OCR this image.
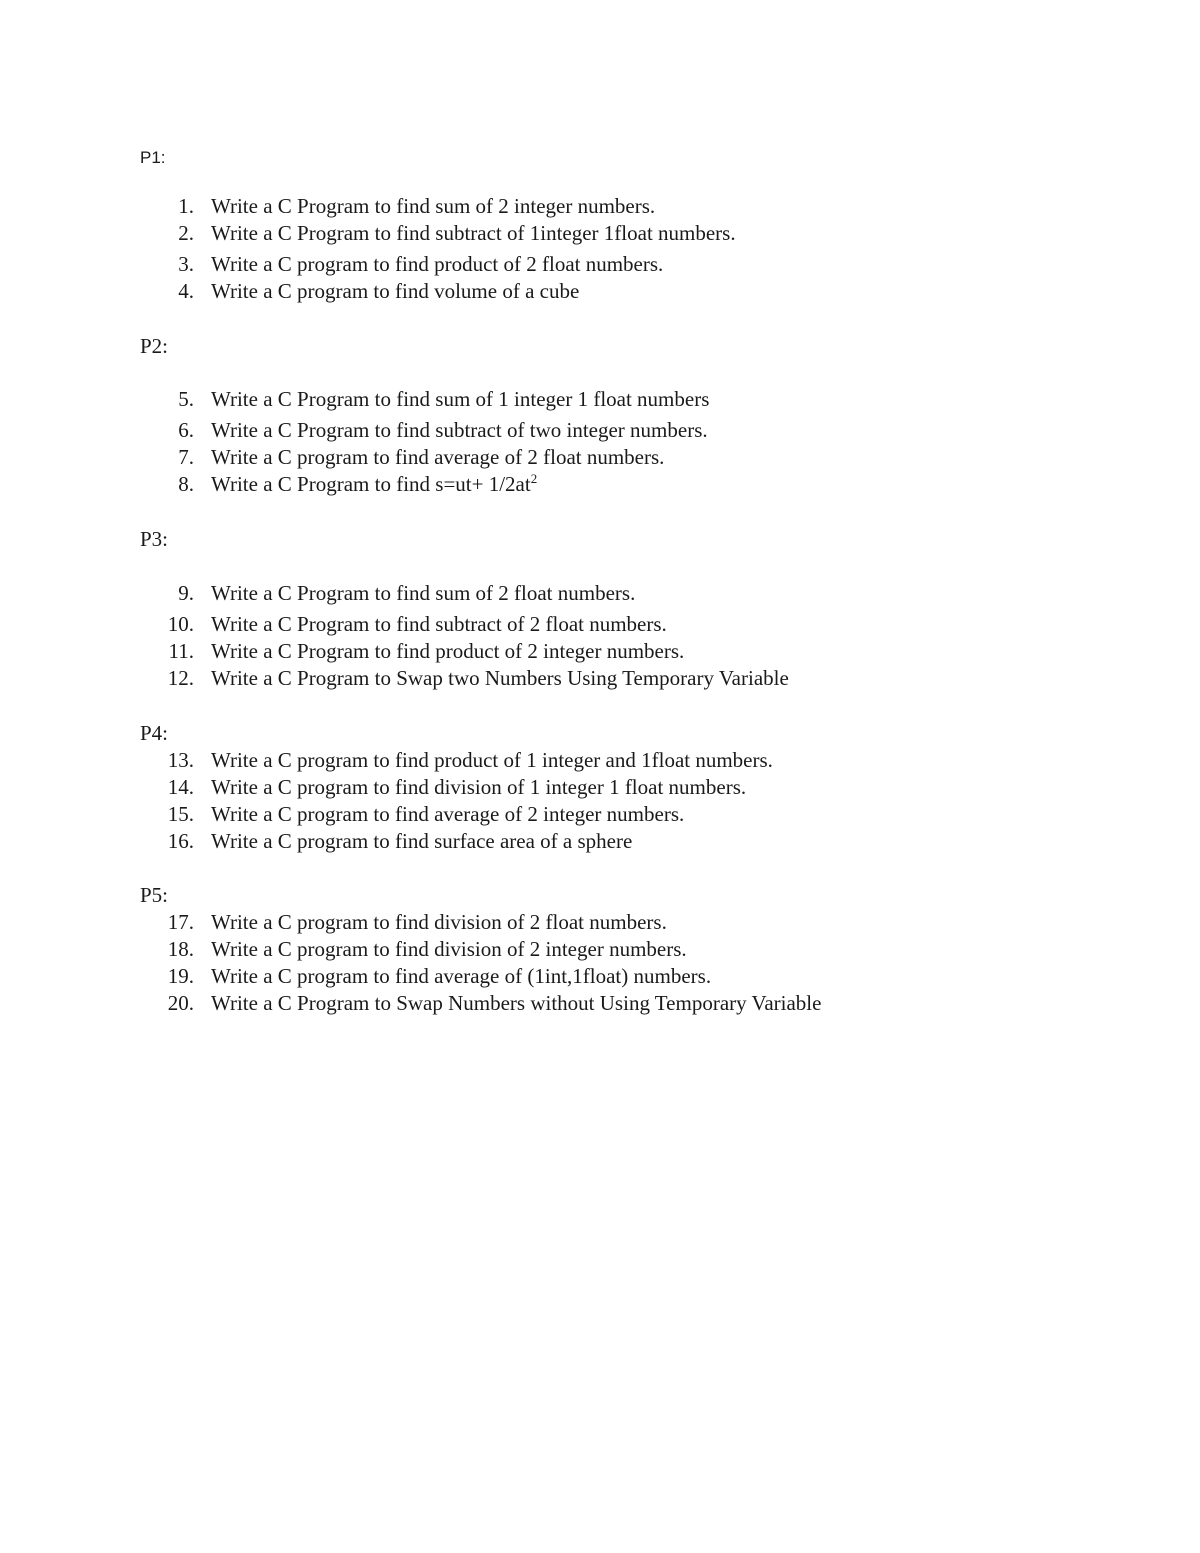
P1:
1. Write a C Program to find sum of 2 integer numbers.
2. Write a C Program to find subtract of 1integer 1float numbers.
3. Write a C program to find product of 2 float numbers.
4. Write a C program to find volume of a cube
P2:
5. Write a C Program to find sum of 1 integer 1 float numbers
6. Write a C Program to find subtract of two integer numbers.
7. Write a C program to find average of 2 float numbers.
8. Write a C Program to find $s=ut+ 1/2at^2$
P3:
9. Write a C Program to find sum of 2 float numbers.
10. Write a C Program to find subtract of 2 float numbers.
11. Write a C Program to find product of 2 integer numbers.
12. Write a C Program to Swap two Numbers Using Temporary Variable
P4:
13. Write a C program to find product of 1 integer and 1float numbers.
14. Write a C program to find division of 1 integer 1 float numbers.
15. Write a C program to find average of 2 integer numbers.
16. Write a C program to find surface area of a sphere
P5:
17. Write a C program to find division of 2 float numbers.
18. Write a C program to find division of 2 integer numbers.
19. Write a C program to find average of (1int,1float) numbers.
20. Write a C Program to Swap Numbers without Using Temporary Variable
